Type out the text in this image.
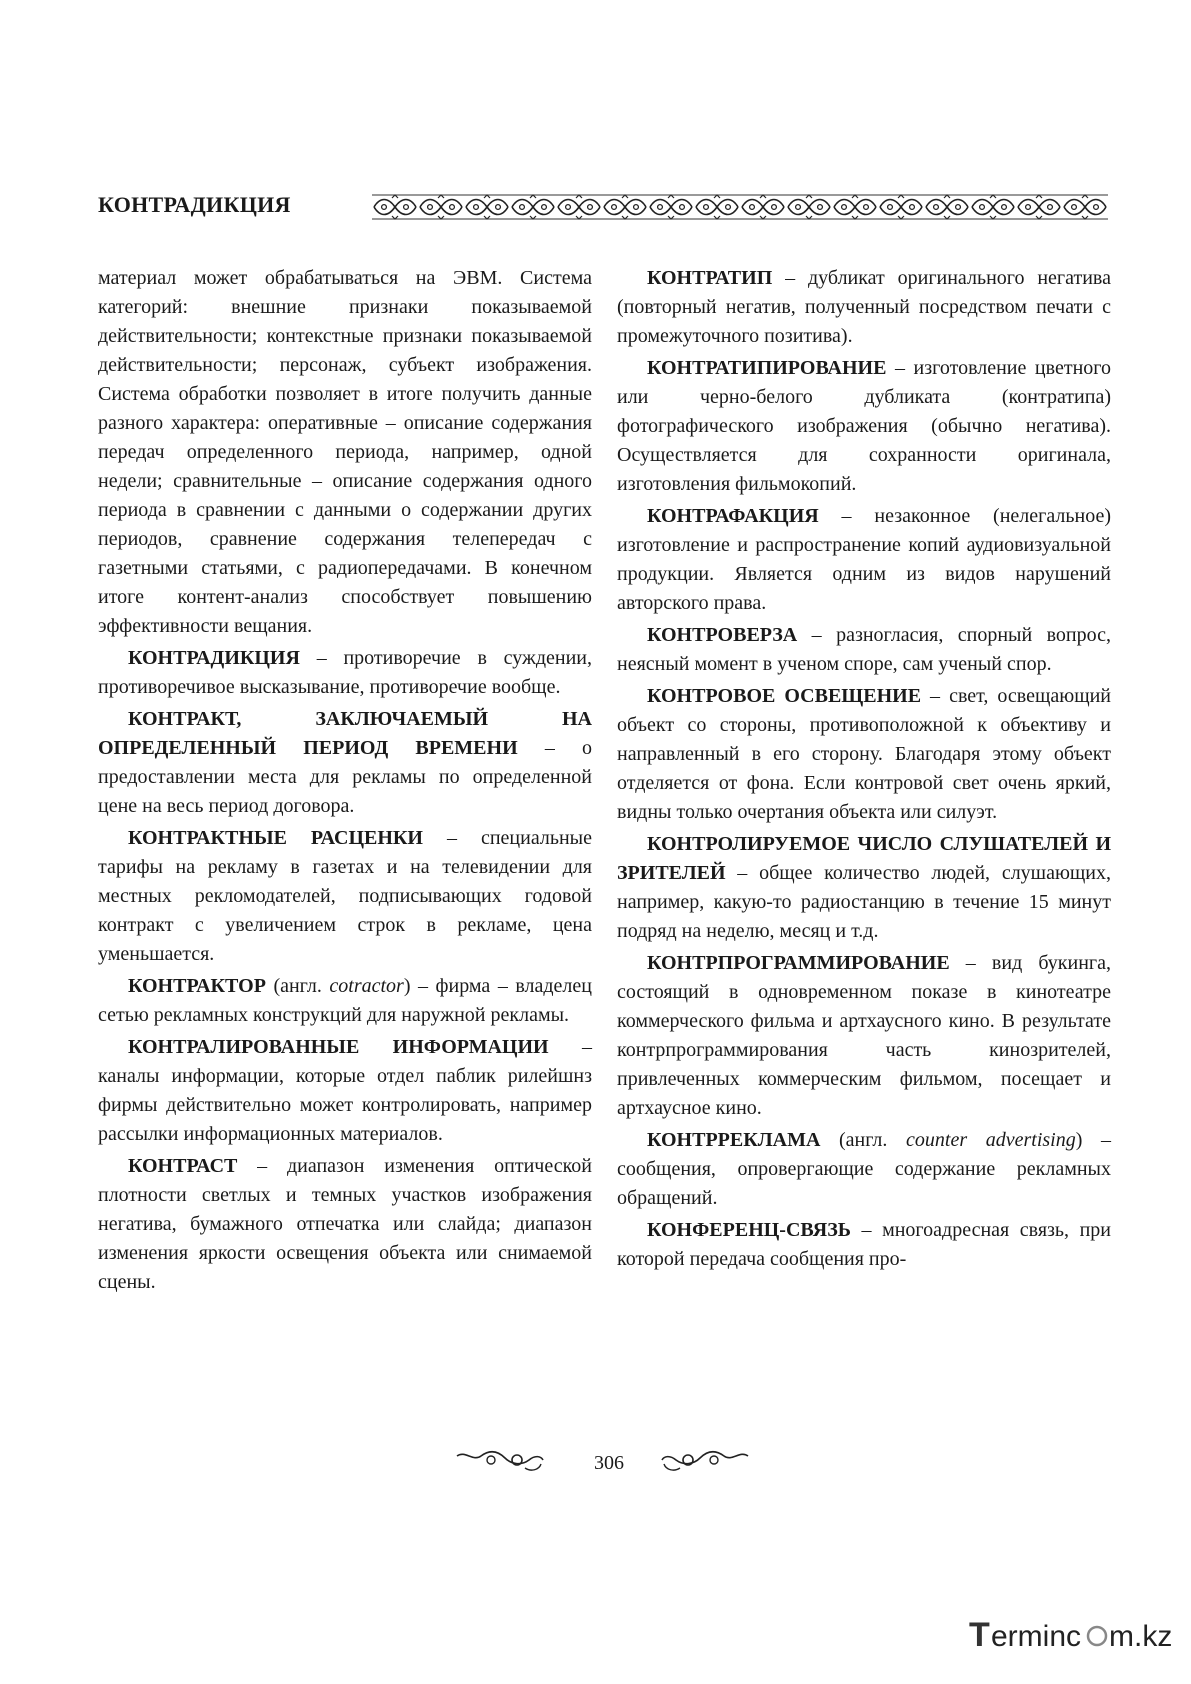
КОНТРАДИКЦИЯ

материал может обрабатываться на ЭВМ. Система категорий: внешние признаки показываемой действительности; контекстные признаки показываемой действительности; персонаж, субъект изображения. Система обработки позволяет в итоге получить данные разного характера: оперативные – описание содержания передач определенного периода, например, одной недели; сравнительные – описание содержания одного периода в сравнении с данными о содержании других периодов, сравнение содержания телепередач с газетными статьями, с радиопередачами. В конечном итоге контент-анализ способствует повышению эффективности вещания.

КОНТРАДИКЦИЯ – противоречие в суждении, противоречивое высказывание, противоречие вообще.

КОНТРАКТ, ЗАКЛЮЧАЕМЫЙ НА ОПРЕДЕЛЕННЫЙ ПЕРИОД ВРЕМЕНИ – о предоставлении места для рекламы по определенной цене на весь период договора.

КОНТРАКТНЫЕ РАСЦЕНКИ – специальные тарифы на рекламу в газетах и на телевидении для местных рекломодателей, подписывающих годовой контракт с увеличением строк в рекламе, цена уменьшается.

КОНТРАКТОР (англ. cotractor) – фирма – владелец сетью рекламных конструкций для наружной рекламы.

КОНТРАЛИРОВАННЫЕ ИНФОРМАЦИИ – каналы информации, которые отдел паблик рилейшнз фирмы действительно может контролировать, например рассылки информационных материалов.

КОНТРАСТ – диапазон изменения оптической плотности светлых и темных участков изображения негатива, бумажного отпечатка или слайда; диапазон изменения яркости освещения объекта или снимаемой сцены.

КОНТРАТИП – дубликат оригинального негатива (повторный негатив, полученный посредством печати с промежуточного позитива).

КОНТРАТИПИРОВАНИЕ – изготовление цветного или черно-белого дубликата (контратипа) фотографического изображения (обычно негатива). Осуществляется для сохранности оригинала, изготовления фильмокопий.

КОНТРАФАКЦИЯ – незаконное (нелегальное) изготовление и распространение копий аудиовизуальной продукции. Является одним из видов нарушений авторского права.

КОНТРОВЕРЗА – разногласия, спорный вопрос, неясный момент в ученом споре, сам ученый спор.

КОНТРОВОЕ ОСВЕЩЕНИЕ – свет, освещающий объект со стороны, противоположной к объективу и направленный в его сторону. Благодаря этому объект отделяется от фона. Если контровой свет очень яркий, видны только очертания объекта или силуэт.

КОНТРОЛИРУЕМОЕ ЧИСЛО СЛУШАТЕЛЕЙ И ЗРИТЕЛЕЙ – общее количество людей, слушающих, например, какую-то радиостанцию в течение 15 минут подряд на неделю, месяц и т.д.

КОНТРПРОГРАММИРОВАНИЕ – вид букинга, состоящий в одновременном показе в кинотеатре коммерческого фильма и артхаусного кино. В результате контрпрограммирования часть кинозрителей, привлеченных коммерческим фильмом, посещает и артхаусное кино.

КОНТРРЕКЛАМА (англ. counter advertising) – сообщения, опровергающие содержание рекламных обращений.

КОНФЕРЕНЦ-СВЯЗЬ – многоадресная связь, при которой передача сообщения про-

306
T erminc m.kz
